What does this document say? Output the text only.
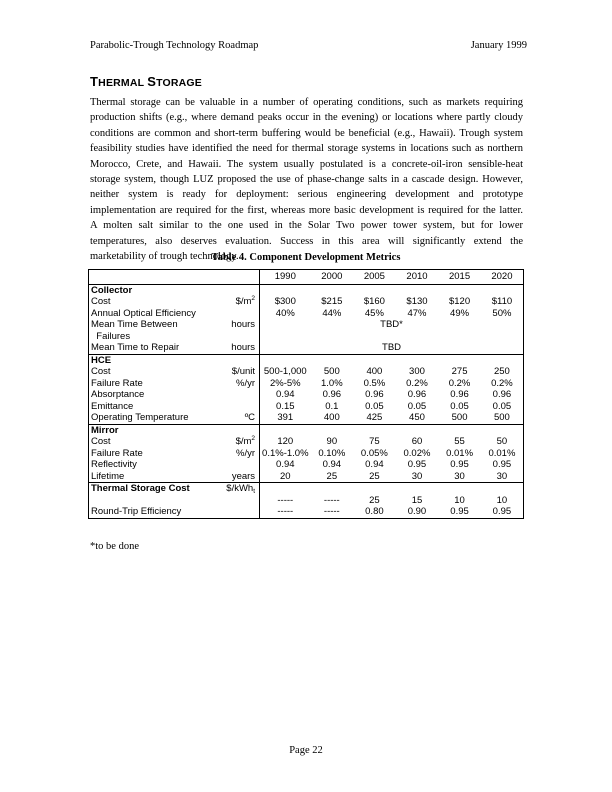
Parabolic-Trough Technology Roadmap	January 1999
THERMAL STORAGE
Thermal storage can be valuable in a number of operating conditions, such as markets requiring
production shifts (e.g., where demand peaks occur in the evening) or locations where partly cloudy
conditions are common and short-term buffering would be beneficial (e.g., Hawaii). Trough system
feasibility studies have identified the need for thermal storage systems in locations such as northern
Morocco, Crete, and Hawaii. The system usually postulated is a concrete-oil-iron sensible-heat
storage system, though LUZ proposed the use of phase-change salts in a cascade design. However,
neither system is ready for deployment: serious engineering development and prototype
implementation are required for the first, whereas more basic development is required for the latter.
A molten salt similar to the one used in the Solar Two power tower system, but for lower
temperatures, also deserves evaluation. Success in this area will significantly extend the
marketability of trough technology.
Table 4. Component Development Metrics
		1990	2000	2005	2010	2015	2020
Collector							
Cost	$\$/m^2$	$300	$215	$160	$130	$120	$110
Annual Optical Efficiency		40%	44%	45%	47%	49%	50%
Mean Time Between
Failures	hours	TBD*					
Mean Time to Repair	hours	TBD					
HCE							
Cost	$/unit	500-1,000	500	400	300	275	250
Failure Rate	%/yr	2%-5%	1.0%	0.5%	0.2%	0.2%	0.2%
Absorptance		0.94	0.96	0.96	0.96	0.96	0.96
Emittance		0.15	0.1	0.05	0.05	0.05	0.05
Operating Temperature	ºC	391	400	425	450	500	500
Mirror							
Cost	$\$/m^2$	120	90	75	60	55	50
Failure Rate	%/yr	0.1%-1.0%	0.10%	0.05%	0.02%	0.01%	0.01%
Reflectivity		0.94	0.94	0.94	0.95	0.95	0.95
Lifetime	years	20	25	25	30	30	30
Thermal Storage Cost	$/kWh$_t$						
		-----	-----	25	15	10	10
Round-Trip Efficiency		-----	-----	0.80	0.90	0.95	0.95
*to be done
Page 22
